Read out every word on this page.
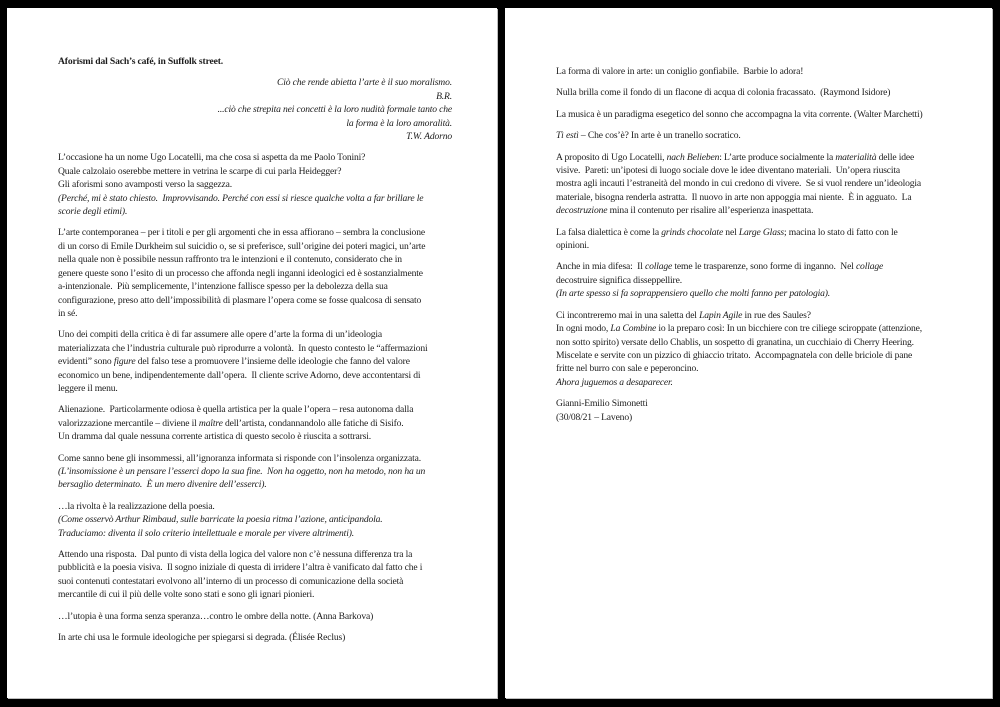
Aforismi dal Sach’s café, in Suffolk street.
Ciò che rende abietta l’arte è il suo moralismo.
B.R.
...ciò che strepita nei concetti è la loro nudità formale tanto che
la forma è la loro amoralità.
T.W. Adorno
L’occasione ha un nome Ugo Locatelli, ma che cosa si aspetta da me Paolo Tonini?
Quale calzolaio oserebbe mettere in vetrina le scarpe di cui parla Heidegger?
Gli aforismi sono avamposti verso la saggezza.
(Perché, mi è stato chiesto.  Improvvisando. Perché con essi si riesce qualche volta a far brillare le
scorie degli etimi).
L’arte contemporanea – per i titoli e per gli argomenti che in essa affiorano – sembra la conclusione
di un corso di Emile Durkheim sul suicidio o, se si preferisce, sull’origine dei poteri magici, un’arte
nella quale non è possibile nessun raffronto tra le intenzioni e il contenuto, considerato che in
genere queste sono l’esito di un processo che affonda negli inganni ideologici ed è sostanzialmente
a-intenzionale.  Più semplicemente, l’intenzione fallisce spesso per la debolezza della sua
configurazione, preso atto dell’impossibilità di plasmare l’opera come se fosse qualcosa di sensato
in sé.
Uno dei compiti della critica è di far assumere alle opere d’arte la forma di un’ideologia
materializzata che l’industria culturale può riprodurre a volontà.  In questo contesto le “affermazioni
evidenti” sono figure del falso tese a promuovere l’insieme delle ideologie che fanno del valore
economico un bene, indipendentemente dall’opera.  Il cliente scrive Adorno, deve accontentarsi di
leggere il menu.
Alienazione.  Particolarmente odiosa è quella artistica per la quale l’opera – resa autonoma dalla
valorizzazione mercantile – diviene il maître dell’artista, condannandolo alle fatiche di Sisifo.
Un dramma dal quale nessuna corrente artistica di questo secolo è riuscita a sottrarsi.
Come sanno bene gli insommessi, all’ignoranza informata si risponde con l’insolenza organizzata.
(L’insomissione è un pensare l’esserci dopo la sua fine.  Non ha oggetto, non ha metodo, non ha un
bersaglio determinato.  È un mero divenire dell’esserci).
…la rivolta è la realizzazione della poesia.
(Come osservò Arthur Rimbaud, sulle barricate la poesia ritma l’azione, anticipandola.
Traduciamo: diventa il solo criterio intellettuale e morale per vivere altrimenti).
Attendo una risposta.  Dal punto di vista della logica del valore non c’è nessuna differenza tra la
pubblicità e la poesia visiva.  Il sogno iniziale di questa di irridere l’altra è vanificato dal fatto che i
suoi contenuti contestatari evolvono all’interno di un processo di comunicazione della società
mercantile di cui il più delle volte sono stati e sono gli ignari pionieri.
…l’utopia è una forma senza speranza…contro le ombre della notte. (Anna Barkova)
In arte chi usa le formule ideologiche per spiegarsi si degrada. (Élisée Reclus)
La forma di valore in arte: un coniglio gonfiabile.  Barbie lo adora!
Nulla brilla come il fondo di un flacone di acqua di colonia fracassato.  (Raymond Isidore)
La musica è un paradigma esegetico del sonno che accompagna la vita corrente. (Walter Marchetti)
Tì estì – Che cos’è? In arte è un tranello socratico.
A proposito di Ugo Locatelli, nach Belieben: L’arte produce socialmente la materialità delle idee
visive.  Pareti: un’ipotesi di luogo sociale dove le idee diventano materiali.  Un’opera riuscita
mostra agli incauti l’estraneità del mondo in cui credono di vivere.  Se si vuol rendere un’ideologia
materiale, bisogna renderla astratta.  Il nuovo in arte non appoggia mai niente.  È in agguato.  La
decostruzione mina il contenuto per risalire all’esperienza inaspettata.
La falsa dialettica è come la grinds chocolate nel Large Glass; macina lo stato di fatto con le
opinioni.
Anche in mia difesa:  Il collage teme le trasparenze, sono forme di inganno.  Nel collage
decostruire significa disseppellire.
(In arte spesso si fa soprappensiero quello che molti fanno per patologia).
Ci incontreremo mai in una saletta del Lapin Agile in rue des Saules?
In ogni modo, La Combine io la preparo così: In un bicchiere con tre ciliege sciroppate (attenzione,
non sotto spirito) versate dello Chablis, un sospetto di granatina, un cucchiaio di Cherry Heering.
Miscelate e servite con un pizzico di ghiaccio tritato.  Accompagnatela con delle briciole di pane
fritte nel burro con sale e peperoncino.
Ahora juguemos a desaparecer.
Gianni-Emilio Simonetti
(30/08/21 – Laveno)
